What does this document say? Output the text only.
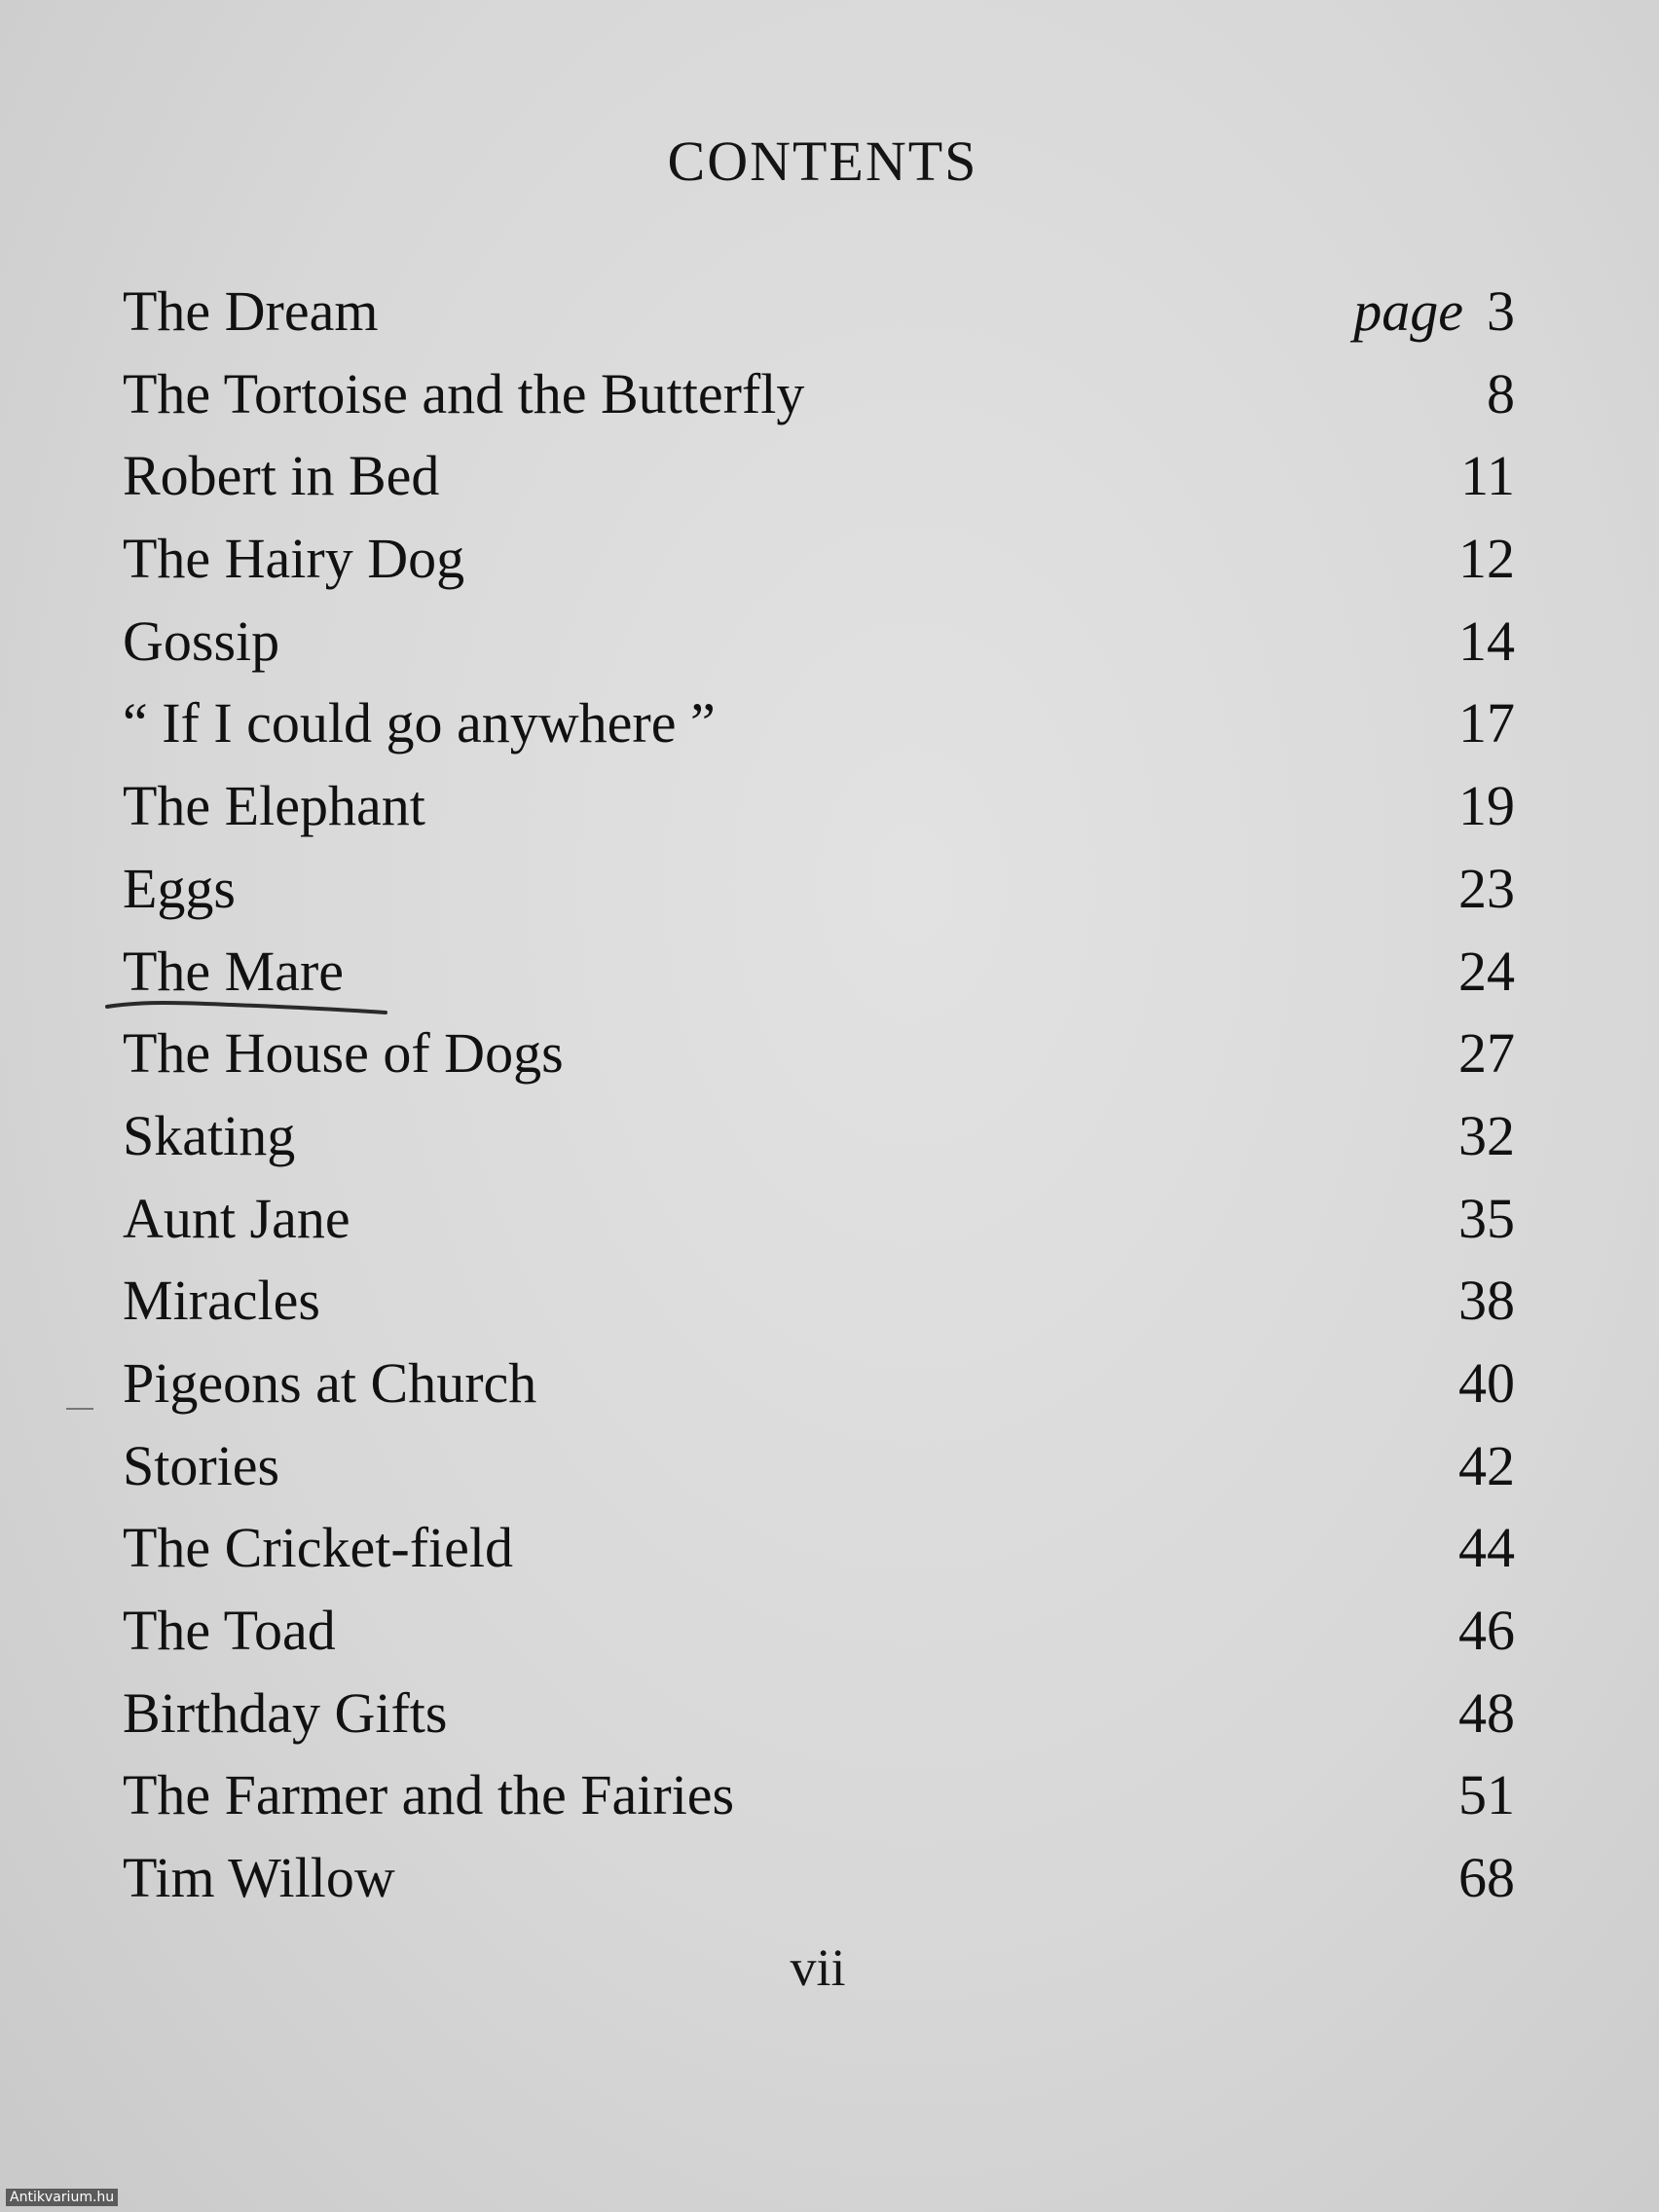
CONTENTS
The Dream	page 3
The Tortoise and the Butterfly	8
Robert in Bed	11
The Hairy Dog	12
Gossip	14
“ If I could go anywhere ”	17
The Elephant	19
Eggs	23
The Mare	24
The House of Dogs	27
Skating	32
Aunt Jane	35
Miracles	38
Pigeons at Church	40
Stories	42
The Cricket-field	44
The Toad	46
Birthday Gifts	48
The Farmer and the Fairies	51
Tim Willow	68
vii
Antikvarium.hu
